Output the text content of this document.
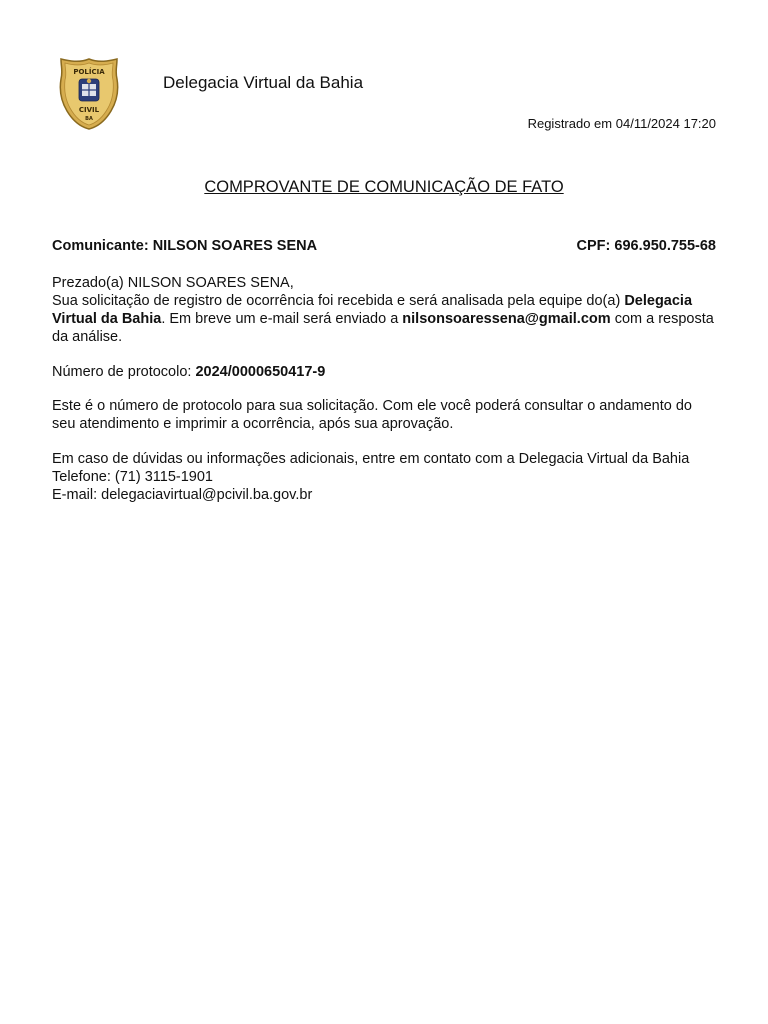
POLÍCIA
CIVIL
BA
Delegacia Virtual da Bahia
Registrado em 04/11/2024 17:20
COMPROVANTE DE COMUNICAÇÃO DE FATO
Comunicante: NILSON SOARES SENA	CPF: 696.950.755-68

Prezado(a) NILSON SOARES SENA,
Sua solicitação de registro de ocorrência foi recebida e será analisada pela equipe do(a) Delegacia Virtual da Bahia. Em breve um e-mail será enviado a nilsonsoaressena@gmail.com com a resposta da análise.

Número de protocolo: 2024/0000650417-9

Este é o número de protocolo para sua solicitação. Com ele você poderá consultar o andamento do seu atendimento e imprimir a ocorrência, após sua aprovação.

Em caso de dúvidas ou informações adicionais, entre em contato com a Delegacia Virtual da Bahia
Telefone: (71) 3115-1901
E-mail: delegaciavirtual@pcivil.ba.gov.br
